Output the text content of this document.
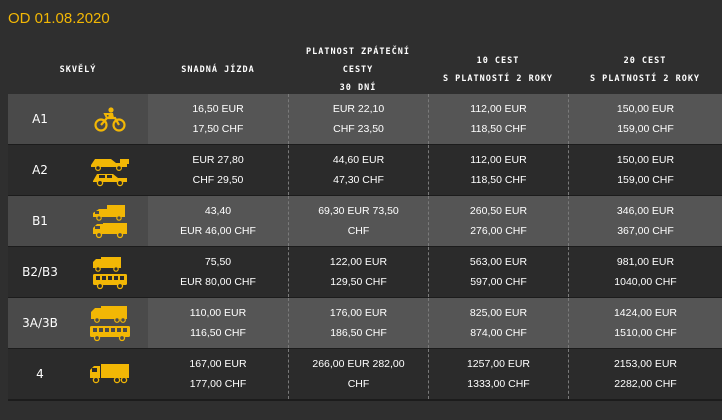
OD 01.08.2020
SKVĚLÝ	SNADNÁ JÍZDA
PLATNOST ZPÁTEČNÍ CESTY
30 DNÍ
10 CEST
S PLATNOSTÍ 2 ROKY
20 CEST
S PLATNOSTÍ 2 ROKY
A1
16,50 EUR
17,50 CHF
EUR 22,10
CHF 23,50
112,00 EUR
118,50 CHF
150,00 EUR
159,00 CHF
A2
EUR 27,80
CHF 29,50
44,60 EUR
47,30 CHF
112,00 EUR
118,50 CHF
150,00 EUR
159,00 CHF
B1
43,40
EUR 46,00 CHF
69,30 EUR 73,50
CHF
260,50 EUR
276,00 CHF
346,00 EUR
367,00 CHF
B2/B3
75,50
EUR 80,00 CHF
122,00 EUR
129,50 CHF
563,00 EUR
597,00 CHF
981,00 EUR
1040,00 CHF
3A/3B
110,00 EUR
116,50 CHF
176,00 EUR
186,50 CHF
825,00 EUR
874,00 CHF
1424,00 EUR
1510,00 CHF
4
167,00 EUR
177,00 CHF
266,00 EUR 282,00
CHF
1257,00 EUR
1333,00 CHF
2153,00 EUR
2282,00 CHF
